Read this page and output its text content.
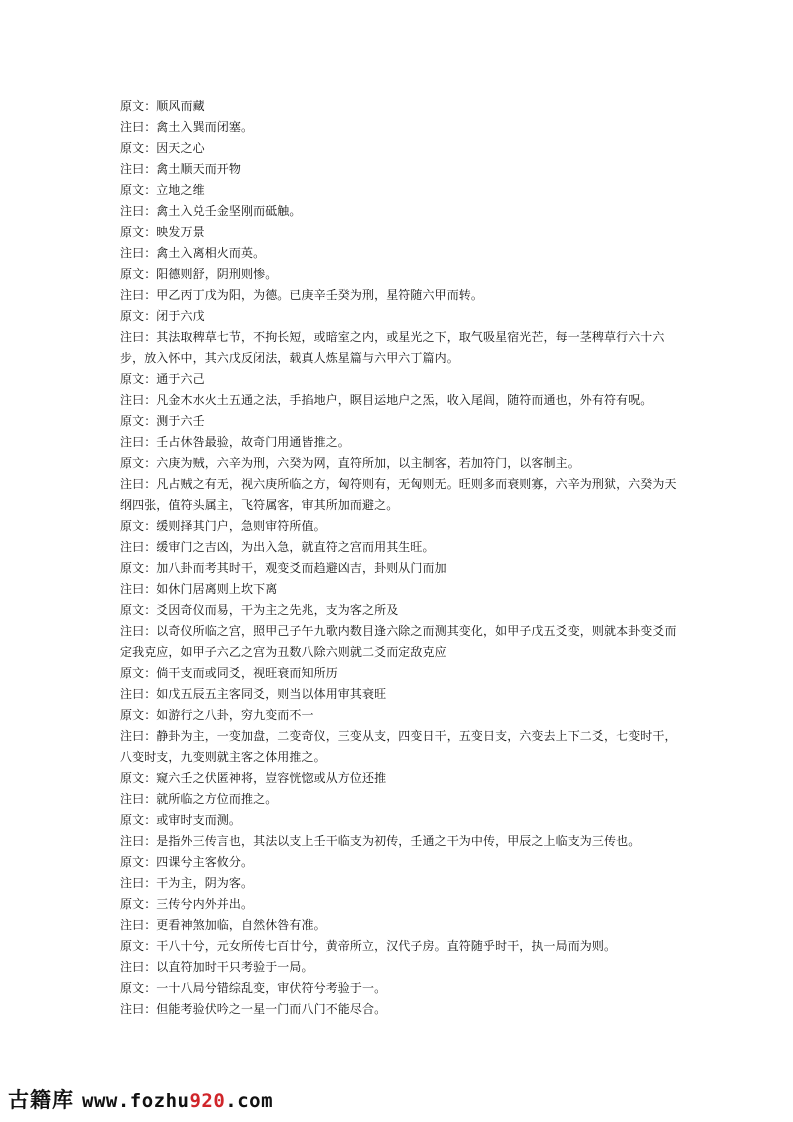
原文：顺风而藏

注曰：禽土入巽而闭塞。

原文：因天之心

注曰：禽土顺天而开物

原文：立地之维

注曰：禽土入兑壬金坚刚而砥触。

原文：映发万景

注曰：禽土入离相火而英。

原文：阳德则舒，阴刑则惨。

注曰：甲乙丙丁戊为阳，为德。已庚辛壬癸为刑，星符随六甲而转。

原文：闭于六戊

注曰：其法取稗草七节，不拘长短，或暗室之内，或星光之下，取气吸星宿光芒，每一茎稗草行六十六步，放入怀中，其六戊反闭法，载真人炼星篇与六甲六丁篇内。

原文：通于六己

注曰：凡金木水火土五通之法，手掐地户，瞑目运地户之炁，收入尾闾，随符而通也，外有符有呪。

原文：测于六壬

注曰：壬占休咎最验，故奇门用通皆推之。

原文：六庚为贼，六辛为刑，六癸为网，直符所加，以主制客，若加符门，以客制主。

注曰：凡占贼之有无，视六庚所临之方，匈符则有，无匈则无。旺则多而衰则寡，六辛为刑狱，六癸为天纲四张，值符头属主，飞符属客，审其所加而避之。

原文：缓则择其门户，急则审符所值。

注曰：缓审门之吉凶，为出入急，就直符之宫而用其生旺。

原文：加八卦而考其时干，观变爻而趋避凶吉，卦则从门而加

注曰：如休门居离则上坎下离

原文：爻因奇仪而易，干为主之先兆，支为客之所及

注曰：以奇仪所临之宫，照甲己子午九歌内数目逢六除之而测其变化，如甲子戊五爻变，则就本卦变爻而定我克应，如甲子六乙之宫为丑数八除六则就二爻而定敌克应

原文：倘干支而或同爻，视旺衰而知所历

注曰：如戊五辰五主客同爻，则当以体用审其衰旺

原文：如游行之八卦，穷九变而不一

注曰：静卦为主，一变加盘，二变奇仪，三变从支，四变日干，五变日支，六变去上下二爻，七变时干，八变时支，九变则就主客之体用推之。

原文：窥六壬之伏匿神将，豈容恍惚或从方位还推

注曰：就所临之方位而推之。

原文：或审时支而测。

注曰：是指外三传言也，其法以支上壬干临支为初传，壬通之干为中传，甲辰之上临支为三传也。

原文：四课兮主客攸分。

注曰：干为主，阴为客。

原文：三传兮内外并出。

注曰：更看神煞加临，自然休咎有准。

原文：干八十兮，元女所传七百廿兮，黄帝所立，汉代子房。直符随乎时干，执一局而为则。

注曰：以直符加时干只考验于一局。

原文：一十八局兮错综乱变，审伏符兮考验于一。

注曰：但能考验伏吟之一星一门而八门不能尽合。

古籍库 www.fozhu 920 .com
